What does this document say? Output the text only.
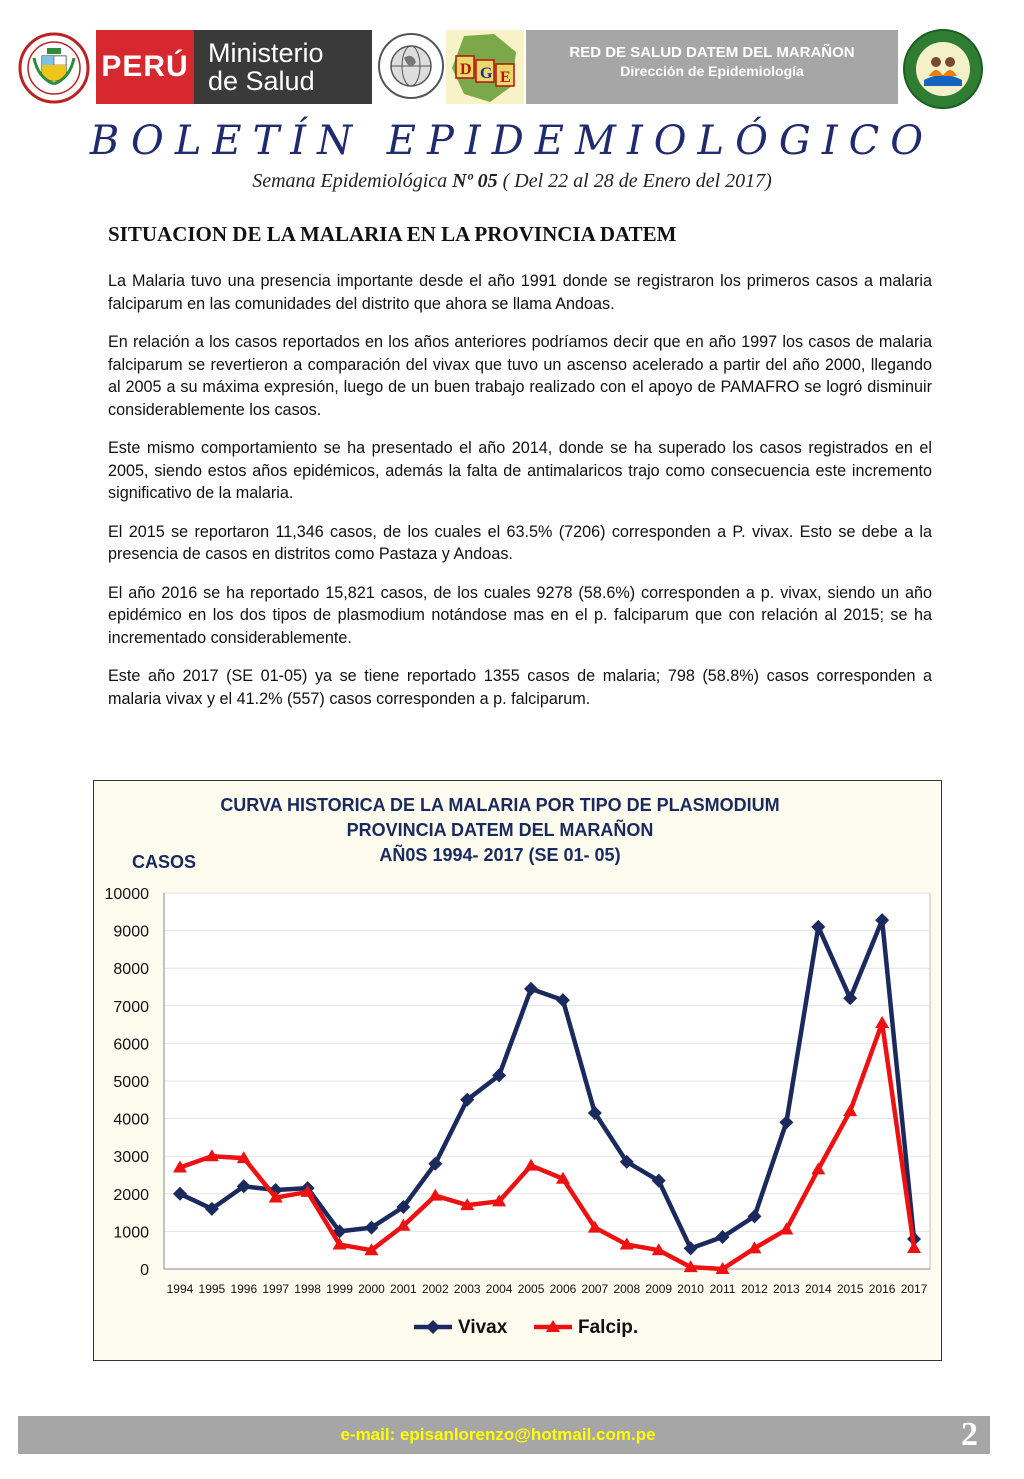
PERÚ Ministerio
de Salud	D G E
RED DE SALUD DATEM DEL MARAÑON
Dirección de Epidemiología
BOLETÍN EPIDEMIOLÓGICO
Semana Epidemiológica Nº 05 ( Del 22 al 28 de Enero del 2017)
SITUACION DE LA MALARIA EN LA PROVINCIA DATEM

La Malaria tuvo una presencia importante desde el año 1991 donde se registraron los primeros casos a malaria falciparum en las comunidades del distrito que ahora se llama Andoas.

En relación a los casos reportados en los años anteriores podríamos decir que en año 1997 los casos de malaria falciparum se revertieron a comparación del vivax que tuvo un ascenso acelerado a partir del año 2000, llegando al 2005 a su máxima expresión, luego de un buen trabajo realizado con el apoyo de PAMAFRO se logró disminuir considerablemente los casos.

Este mismo comportamiento se ha presentado el año 2014, donde se ha superado los casos registrados en el 2005, siendo estos años epidémicos, además la falta de antimalaricos trajo como consecuencia este incremento significativo de la malaria.

El 2015 se reportaron 11,346 casos, de los cuales el 63.5% (7206) corresponden a P. vivax. Esto se debe a la presencia de casos en distritos como Pastaza y Andoas.

El año 2016 se ha reportado 15,821 casos, de los cuales 9278 (58.6%) corresponden a p. vivax, siendo un año epidémico en los dos tipos de plasmodium notándose mas en el p. falciparum que con relación al 2015; se ha incrementado considerablemente.

Este año 2017 (SE 01-05) ya se tiene reportado 1355 casos de malaria; 798 (58.8%) casos corresponden a malaria vivax y el 41.2% (557) casos corresponden a p. falciparum.

CURVA HISTORICA DE LA MALARIA POR TIPO DE PLASMODIUM
PROVINCIA DATEM DEL MARAÑON
AÑ0S 1994- 2017 (SE 01- 05)
CASOS
0
1000
2000
3000
4000
5000
6000
7000
8000
9000
10000
1994 1995 1996 1997 1998 1999 2000 2001 2002 2003 2004 2005 2006 2007 2008 2009 2010 2011 2012 2013 2014 2015 2016 2017
Vivax	Falcip.
e-mail: episanlorenzo@hotmail.com.pe	2
